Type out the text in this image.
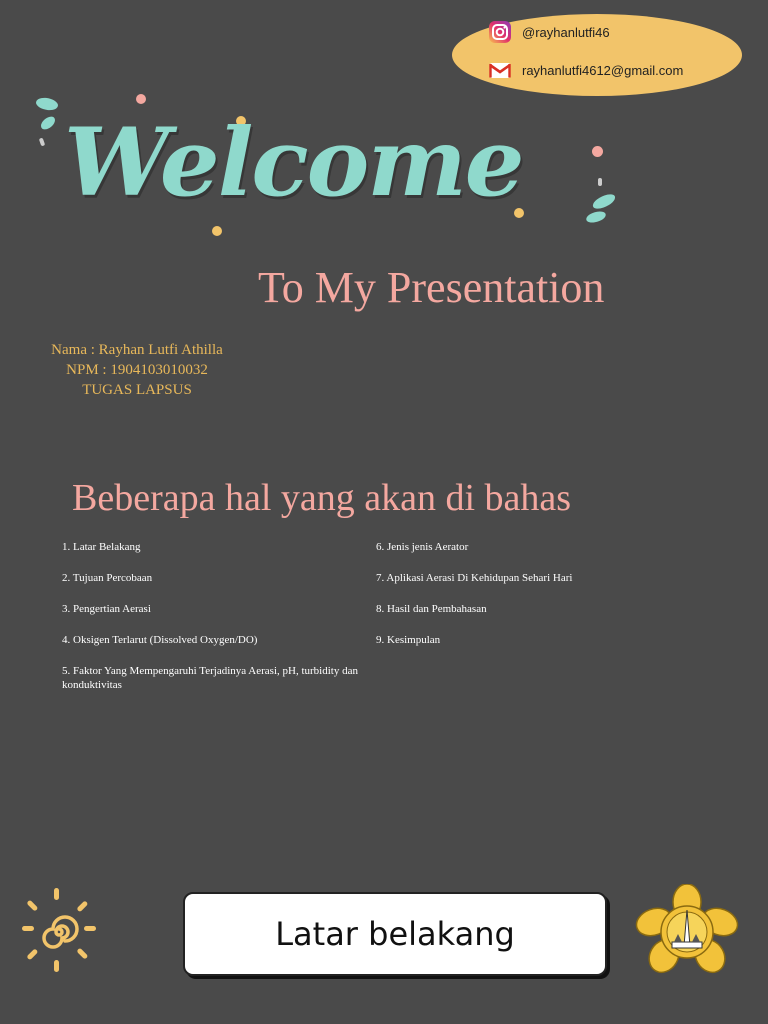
@rayhanlutfi46
rayhanlutfi4612@gmail.com
Welcome
To My Presentation
Nama : Rayhan Lutfi Athilla
NPM : 1904103010032
TUGAS LAPSUS
Beberapa hal yang akan di bahas
1. Latar Belakang
2. Tujuan Percobaan
3. Pengertian Aerasi
4. Oksigen Terlarut (Dissolved Oxygen/DO)
5. Faktor Yang Mempengaruhi Terjadinya Aerasi, pH, turbidity dan konduktivitas
6. Jenis jenis Aerator
7. Aplikasi Aerasi Di Kehidupan Sehari Hari
8. Hasil dan Pembahasan
9. Kesimpulan
Latar belakang
